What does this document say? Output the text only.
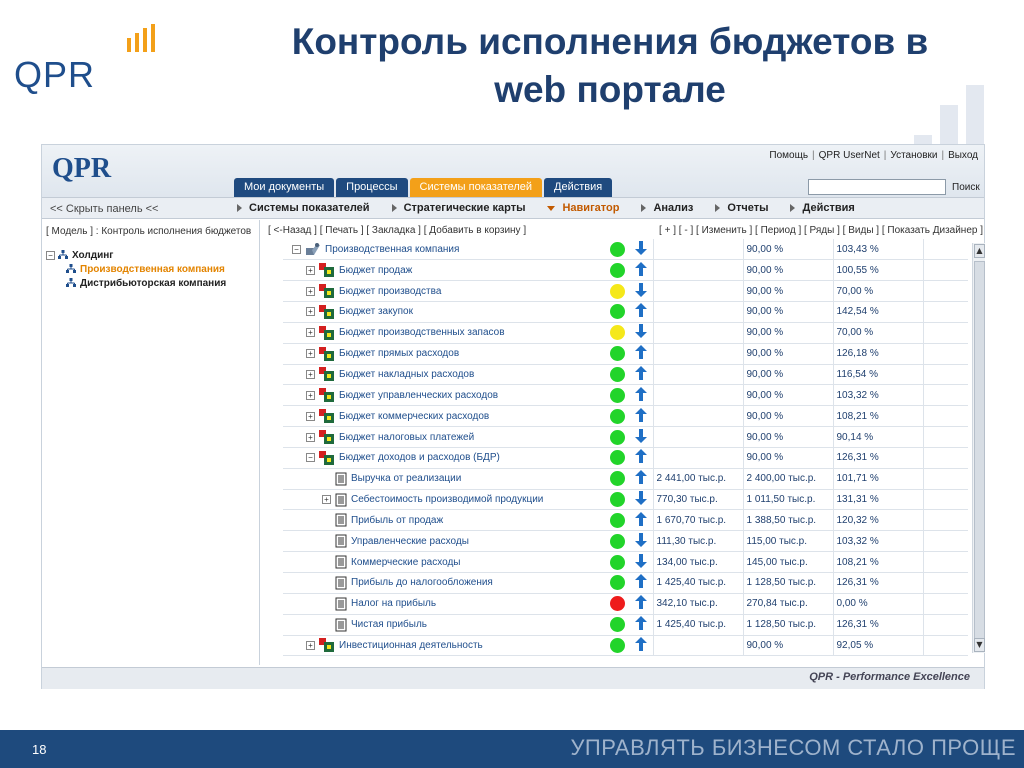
QPR
Контроль исполнения бюджетов в
web портале
QPR	Помощь | QPR UserNet | Установки | Выход
Поиск
Мои документы	Процессы	Системы показателей	Действия
<< Скрыть панель <<	Системы показателей	Стратегические карты	Навигатор	Анализ	Отчеты	Действия
[ Модель ] : Контроль исполнения бюджетов
− Холдинг
Производственная компания
Дистрибьюторская компания
[ <-Назад ] [ Печать ] [ Закладка ] [ Добавить в корзину ]	[ + ] [ - ] [ Изменить ] [ Период ] [ Ряды ] [ Виды ] [ Показать Дизайнер ]
− Производственная компания				90,00 %	103,43 %	

+ Бюджет продаж				90,00 %	100,55 %	

+ Бюджет производства				90,00 %	70,00 %	

+ Бюджет закупок				90,00 %	142,54 %	

+ Бюджет производственных запасов				90,00 %	70,00 %	

+ Бюджет прямых расходов				90,00 %	126,18 %	

+ Бюджет накладных расходов				90,00 %	116,54 %	

+ Бюджет управленческих расходов				90,00 %	103,32 %	

+ Бюджет коммерческих расходов				90,00 %	108,21 %	

+ Бюджет налоговых платежей				90,00 %	90,14 %	

− Бюджет доходов и расходов (БДР)				90,00 %	126,31 %	

Выручка от реализации			2 441,00 тыс.р.	2 400,00 тыс.р.	101,71 %	

+ Себестоимость производимой продукции			770,30 тыс.р.	1 011,50 тыс.р.	131,31 %	

Прибыль от продаж			1 670,70 тыс.р.	1 388,50 тыс.р.	120,32 %	

Управленческие расходы			111,30 тыс.р.	115,00 тыс.р.	103,32 %	

Коммерческие расходы			134,00 тыс.р.	145,00 тыс.р.	108,21 %	

Прибыль до налогообложения			1 425,40 тыс.р.	1 128,50 тыс.р.	126,31 %	

Налог на прибыль			342,10 тыс.р.	270,84 тыс.р.	0,00 %	

Чистая прибыль			1 425,40 тыс.р.	1 128,50 тыс.р.	126,31 %	

+ Инвестиционная деятельность				90,00 %	92,05 %	
▲
▼
QPR - Performance Excellence
18	УПРАВЛЯТЬ БИЗНЕСОМ СТАЛО ПРОЩЕ
